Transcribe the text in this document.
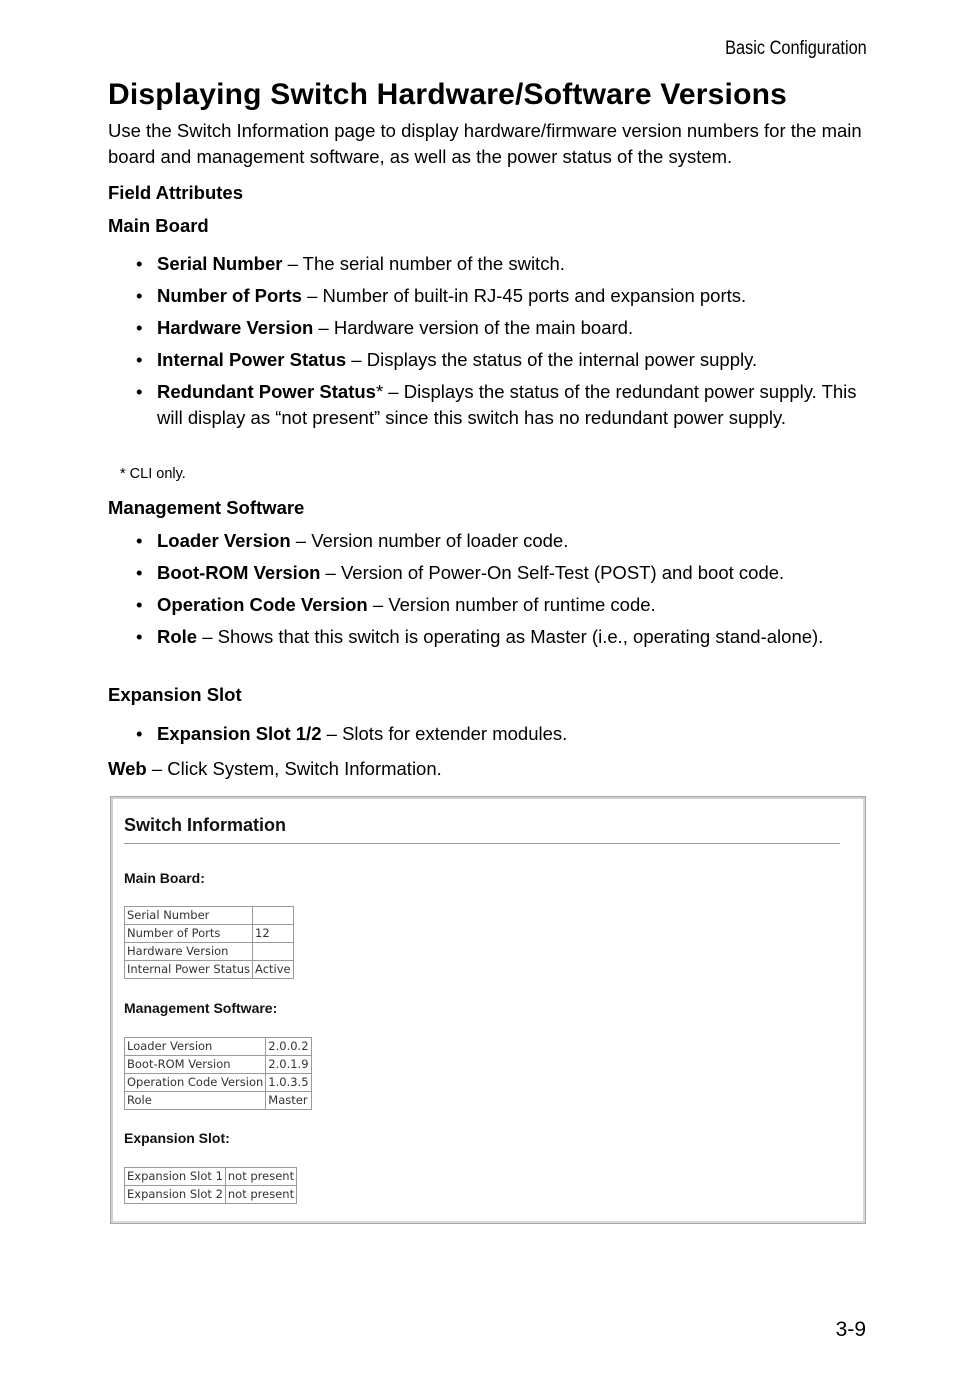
Basic Configuration
Displaying Switch Hardware/Software Versions

Use the Switch Information page to display hardware/firmware version numbers for the main board and management software, as well as the power status of the system.

Field Attributes
Main Board
• Serial Number – The serial number of the switch.
• Number of Ports – Number of built-in RJ-45 ports and expansion ports.
• Hardware Version – Hardware version of the main board.
• Internal Power Status – Displays the status of the internal power supply.
• Redundant Power Status* – Displays the status of the redundant power supply. This will display as “not present” since this switch has no redundant power supply.
* CLI only.
Management Software
• Loader Version – Version number of loader code.
• Boot-ROM Version – Version of Power-On Self-Test (POST) and boot code.
• Operation Code Version – Version number of runtime code.
• Role – Shows that this switch is operating as Master (i.e., operating stand-alone).
Expansion Slot
• Expansion Slot 1/2 – Slots for extender modules.
Web – Click System, Switch Information.
Switch Information
Main Board:
Serial Number	
Number of Ports	12
Hardware Version	
Internal Power Status	Active
Management Software:
Loader Version	2.0.0.2
Boot-ROM Version	2.0.1.9
Operation Code Version	1.0.3.5
Role	Master
Expansion Slot:
Expansion Slot 1	not present
Expansion Slot 2	not present
3-9
